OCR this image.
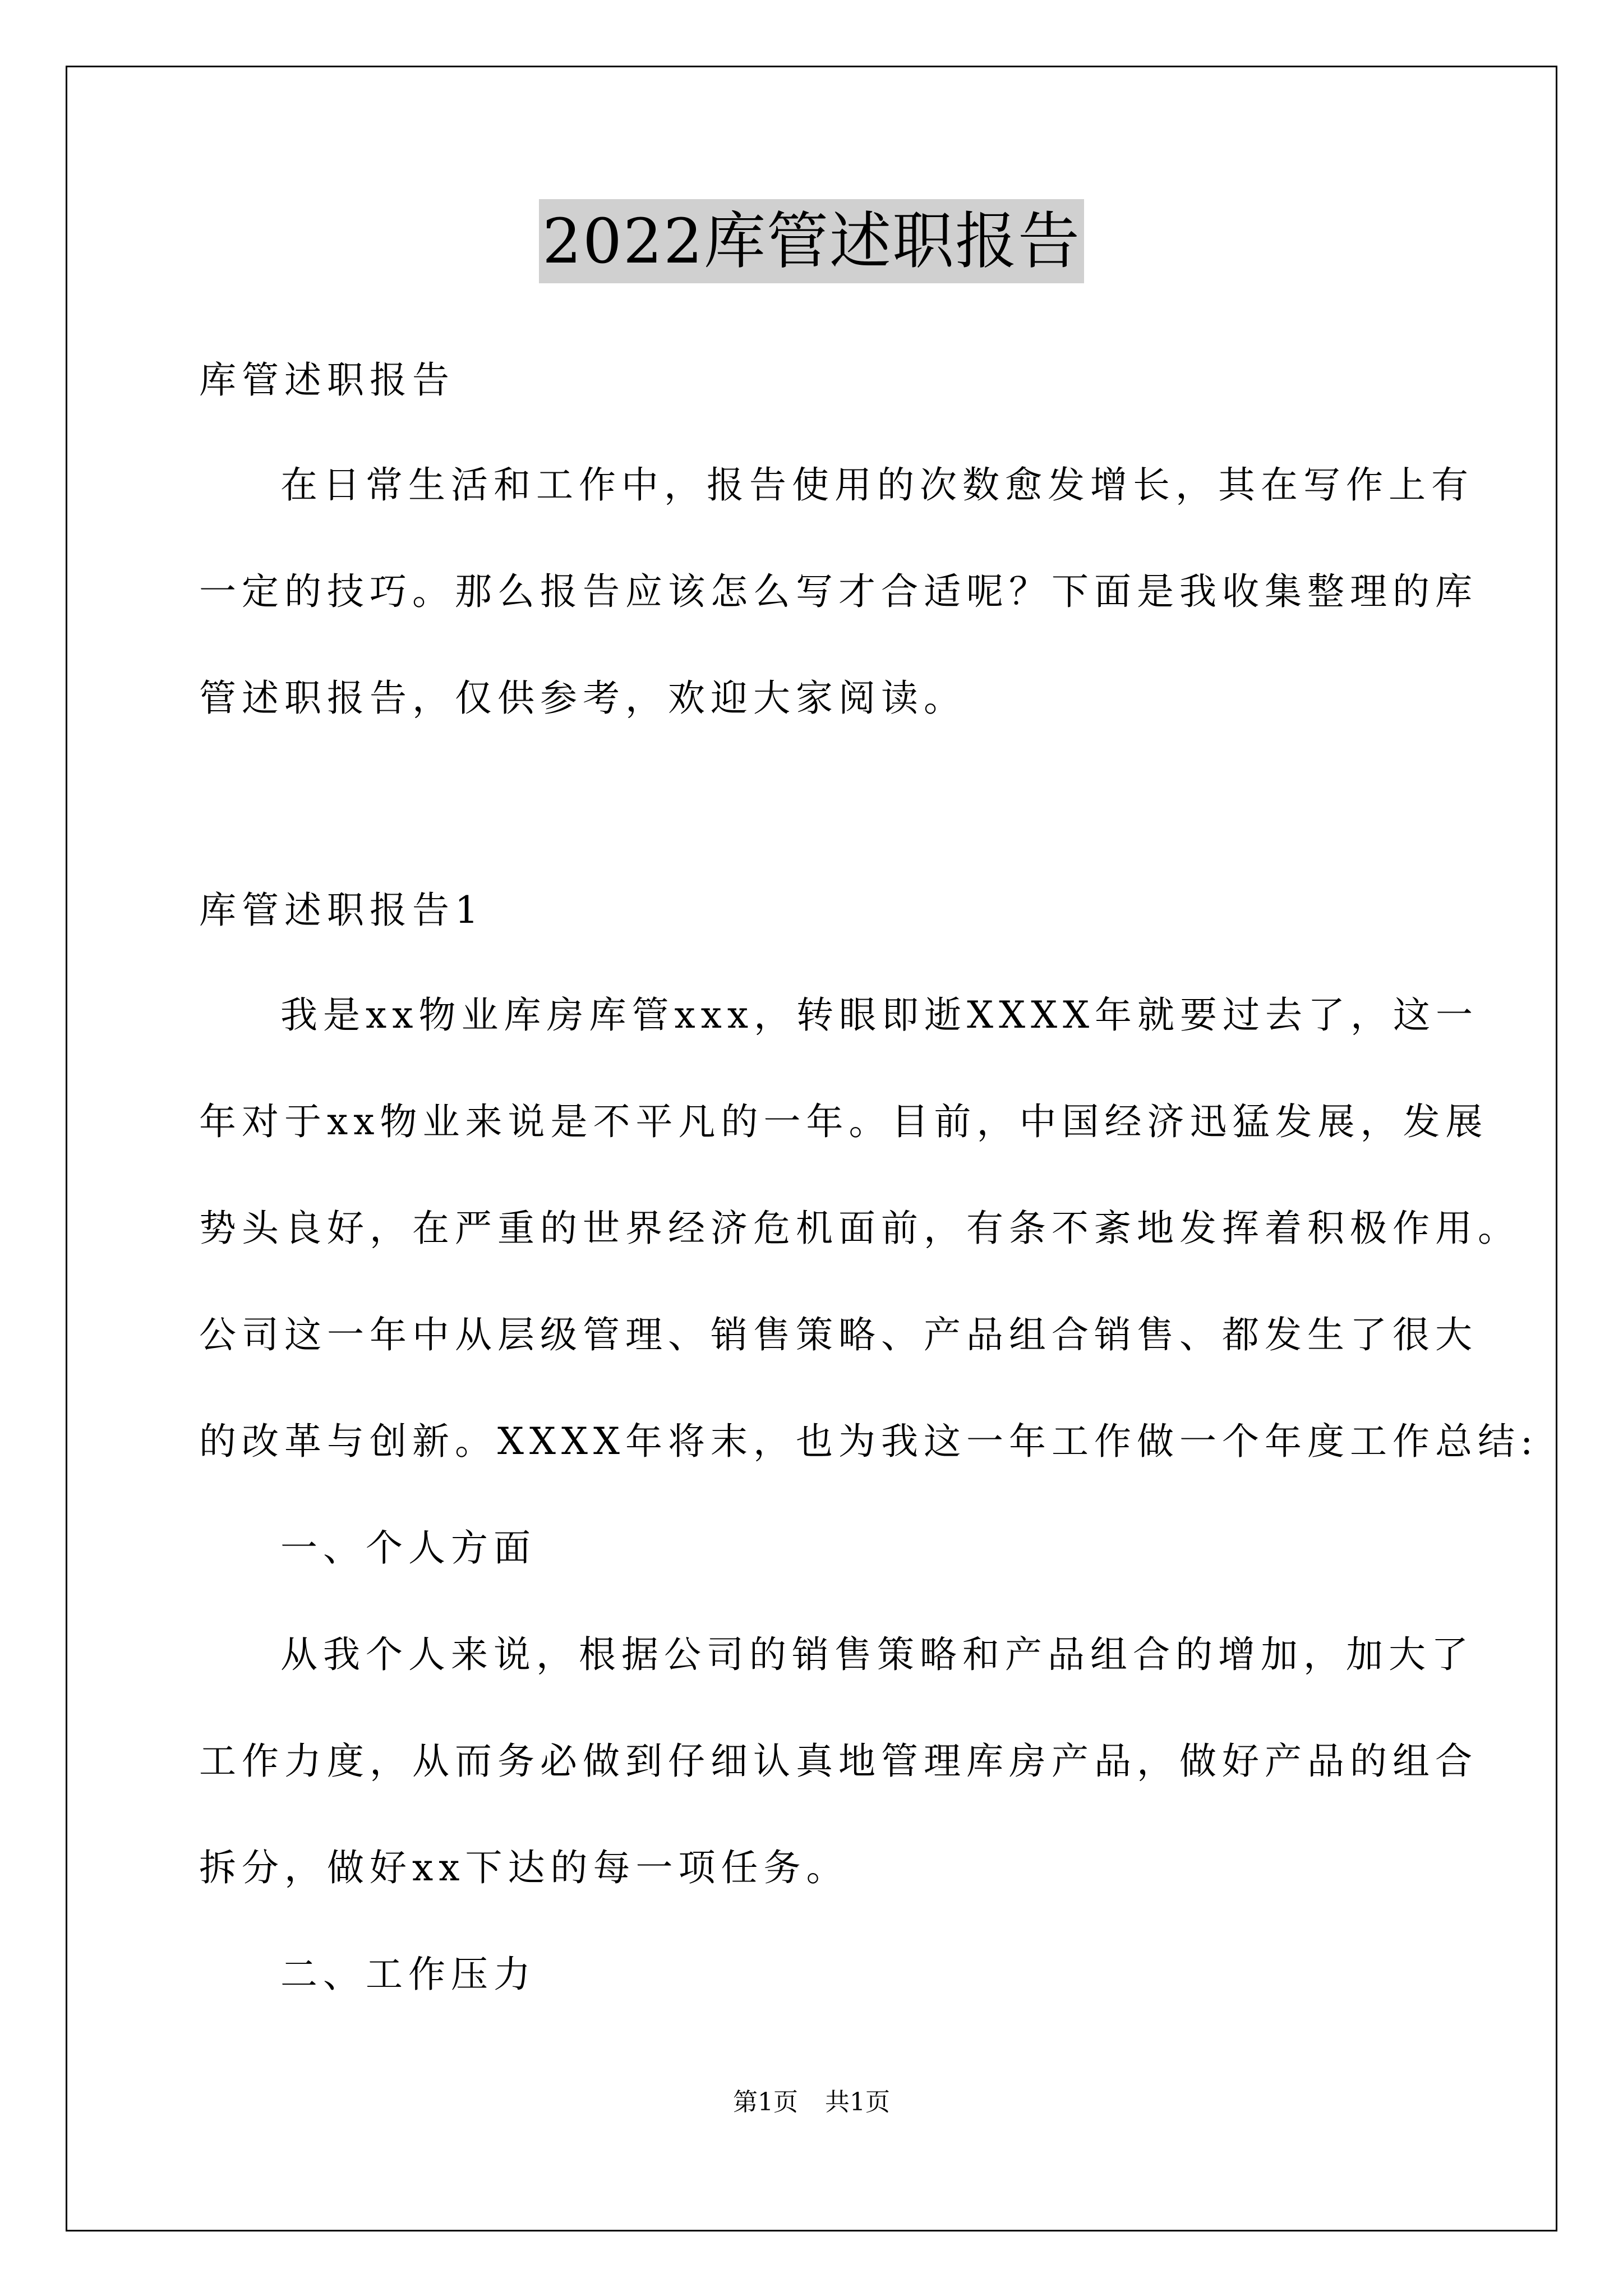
2022库管述职报告
库管述职报告
在日常生活和工作中，报告使用的次数愈发增长，其在写作上有
一定的技巧。那么报告应该怎么写才合适呢？下面是我收集整理的库
管述职报告，仅供参考，欢迎大家阅读。
库管述职报告1
我是xx物业库房库管xxx，转眼即逝XXXX年就要过去了，这一
年对于xx物业来说是不平凡的一年。目前，中国经济迅猛发展，发展
势头良好，在严重的世界经济危机面前，有条不紊地发挥着积极作用。
公司这一年中从层级管理、销售策略、产品组合销售、都发生了很大
的改革与创新。XXXX年将末，也为我这一年工作做一个年度工作总结:
一、个人方面
从我个人来说，根据公司的销售策略和产品组合的增加，加大了
工作力度，从而务必做到仔细认真地管理库房产品，做好产品的组合
拆分，做好xx下达的每一项任务。
二、工作压力
第1页 共1页
